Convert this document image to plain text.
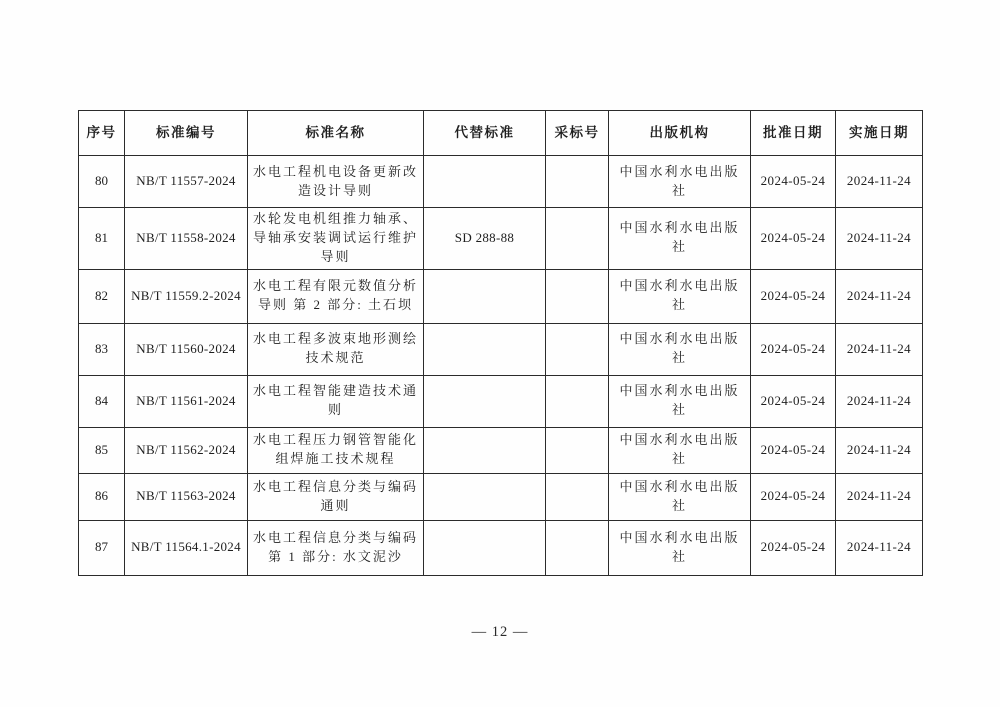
序号	标准编号	标准名称	代替标准	采标号	出版机构	批准日期	实施日期
80	NB/T 11557-2024	水电工程机电设备更新改造设计导则			中国水利水电出版社	2024-05-24	2024-11-24
81	NB/T 11558-2024	水轮发电机组推力轴承、导轴承安装调试运行维护导则	SD 288-88		中国水利水电出版社	2024-05-24	2024-11-24
82	NB/T 11559.2-2024	水电工程有限元数值分析导则 第 2 部分: 土石坝			中国水利水电出版社	2024-05-24	2024-11-24
83	NB/T 11560-2024	水电工程多波束地形测绘技术规范			中国水利水电出版社	2024-05-24	2024-11-24
84	NB/T 11561-2024	水电工程智能建造技术通则			中国水利水电出版社	2024-05-24	2024-11-24
85	NB/T 11562-2024	水电工程压力钢管智能化组焊施工技术规程			中国水利水电出版社	2024-05-24	2024-11-24
86	NB/T 11563-2024	水电工程信息分类与编码通则			中国水利水电出版社	2024-05-24	2024-11-24
87	NB/T 11564.1-2024	水电工程信息分类与编码 第 1 部分: 水文泥沙			中国水利水电出版社	2024-05-24	2024-11-24
— 12 —
